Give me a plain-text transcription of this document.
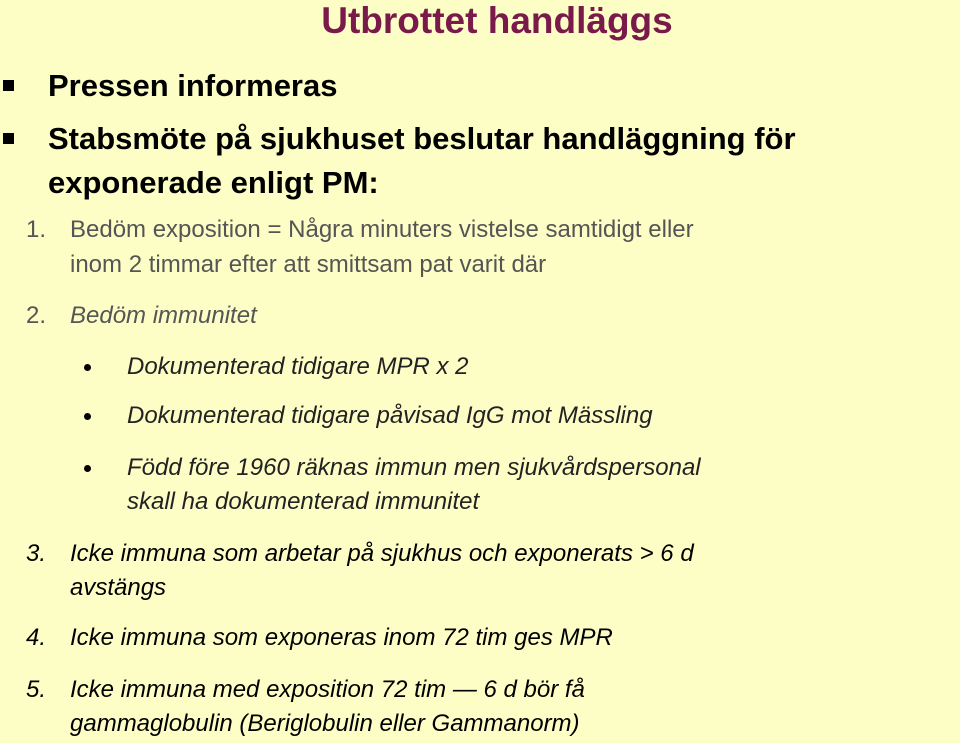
Utbrottet handläggs
Pressen informeras
Stabsmöte på sjukhuset beslutar handläggning för
exponerade enligt PM:
1. Bedöm exposition = Några minuters vistelse samtidigt eller
inom 2 timmar efter att smittsam pat varit där
2. Bedöm immunitet
Dokumenterad tidigare MPR x 2
Dokumenterad tidigare påvisad IgG mot Mässling
Född före 1960 räknas immun men sjukvårdspersonal
skall ha dokumenterad immunitet
3. Icke immuna som arbetar på sjukhus och exponerats > 6 d
avstängs
4. Icke immuna som exponeras inom 72 tim ges MPR
5. Icke immuna med exposition 72 tim — 6 d bör få
gammaglobulin (Beriglobulin eller Gammanorm)
